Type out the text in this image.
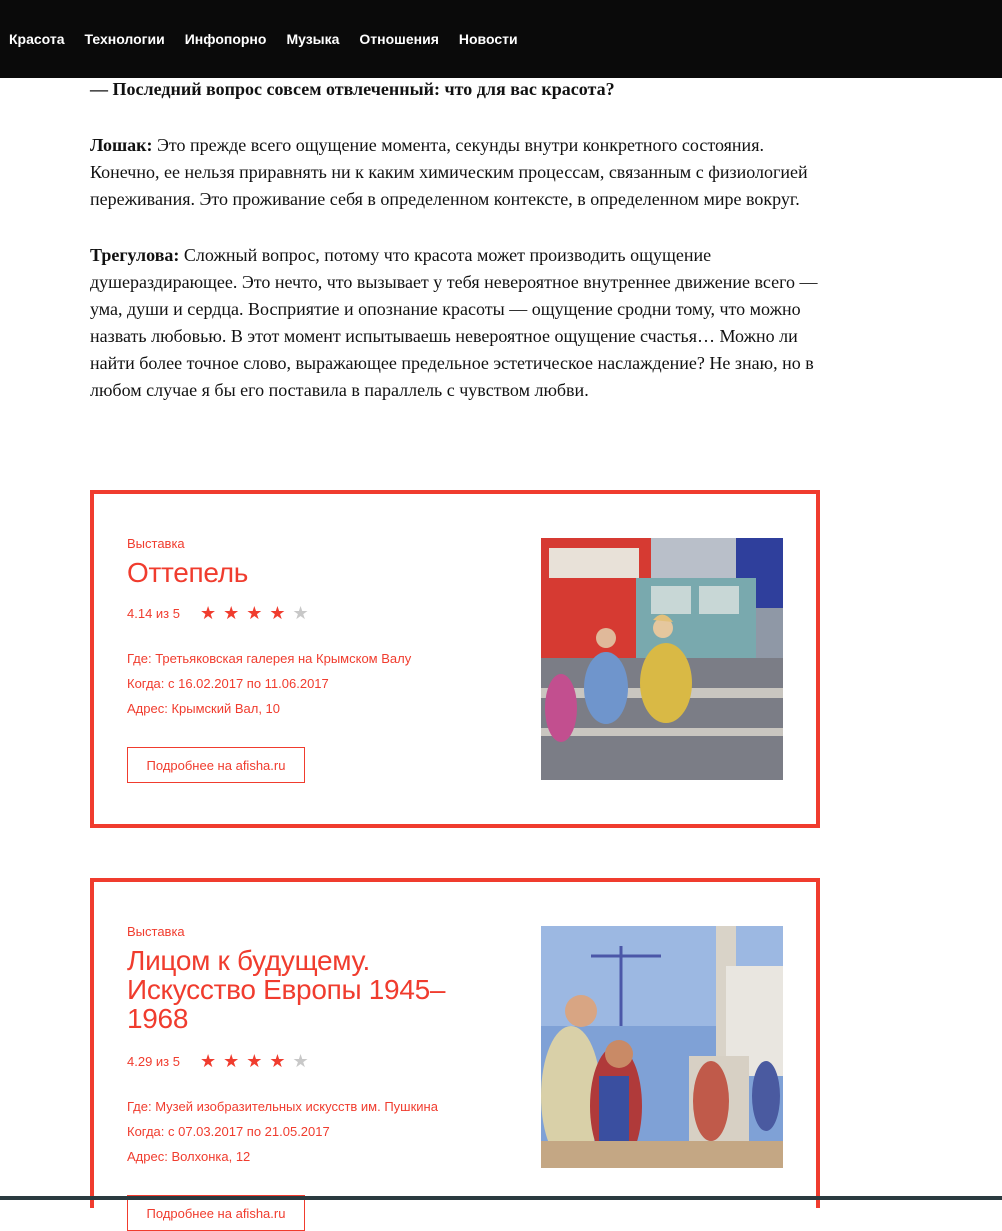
Красота Технологии Инфопорно Музыка Отношения Новости

— Последний вопрос совсем отвлеченный: что для вас красота?

Лошак: Это прежде всего ощущение момента, секунды внутри конкретного состояния. Конечно, ее нельзя приравнять ни к каким химическим процессам, связанным с физиологией переживания. Это проживание себя в определенном контексте, в определенном мире вокруг.

Трегулова: Сложный вопрос, потому что красота может производить ощущение душераздирающее. Это нечто, что вызывает у тебя невероятное внутреннее движение всего — ума, души и сердца. Восприятие и опознание красоты — ощущение сродни тому, что можно назвать любовью. В этот момент испытываешь невероятное ощущение счастья… Можно ли найти более точное слово, выражающее предельное эстетическое наслаждение? Не знаю, но в любом случае я бы его поставила в параллель с чувством любви.

Выставка
Оттепель
4.14 из 5 ★ ★ ★ ★ ★
Где: Третьяковская галерея на Крымском Валу
Когда: с 16.02.2017 по 11.06.2017
Адрес: Крымский Вал, 10
Подробнее на afisha.ru
Выставка
Лицом к будущему. Искусство Европы 1945–1968
4.29 из 5 ★ ★ ★ ★ ★
Где: Музей изобразительных искусств им. Пушкина
Когда: с 07.03.2017 по 21.05.2017
Адрес: Волхонка, 12
Подробнее на afisha.ru
